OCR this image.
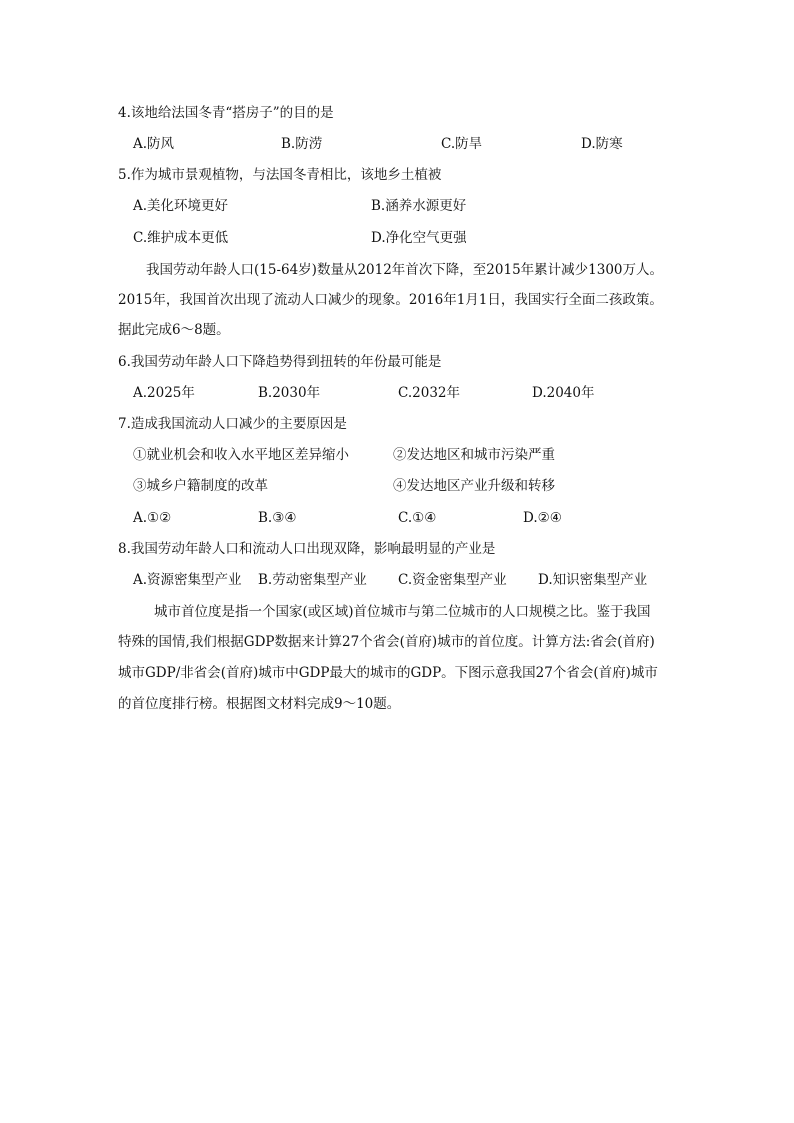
4.该地给法国冬青“搭房子”的目的是
A.防风	B.防涝	C.防旱	D.防寒
5.作为城市景观植物，与法国冬青相比，该地乡土植被
A.美化环境更好	B.涵养水源更好
C.维护成本更低	D.净化空气更强
我国劳动年龄人口(15-64岁)数量从2012年首次下降，至2015年累计减少1300万人。
2015年，我国首次出现了流动人口减少的现象。2016年1月1日，我国实行全面二孩政策。
据此完成6～8题。
6.我国劳动年龄人口下降趋势得到扭转的年份最可能是
A.2025年	B.2030年	C.2032年	D.2040年
7.造成我国流动人口减少的主要原因是
①就业机会和收入水平地区差异缩小	②发达地区和城市污染严重
③城乡户籍制度的改革	④发达地区产业升级和转移
A.①②	B.③④	C.①④	D.②④
8.我国劳动年龄人口和流动人口出现双降，影响最明显的产业是
A.资源密集型产业 B.劳动密集型产业 C.资金密集型产业 D.知识密集型产业
城市首位度是指一个国家(或区域)首位城市与第二位城市的人口规模之比。鉴于我国
特殊的国情,我们根据GDP数据来计算27个省会(首府)城市的首位度。计算方法:省会(首府)
城市GDP/非省会(首府)城市中GDP最大的城市的GDP。下图示意我国27个省会(首府)城市
的首位度排行榜。根据图文材料完成9～10题。
